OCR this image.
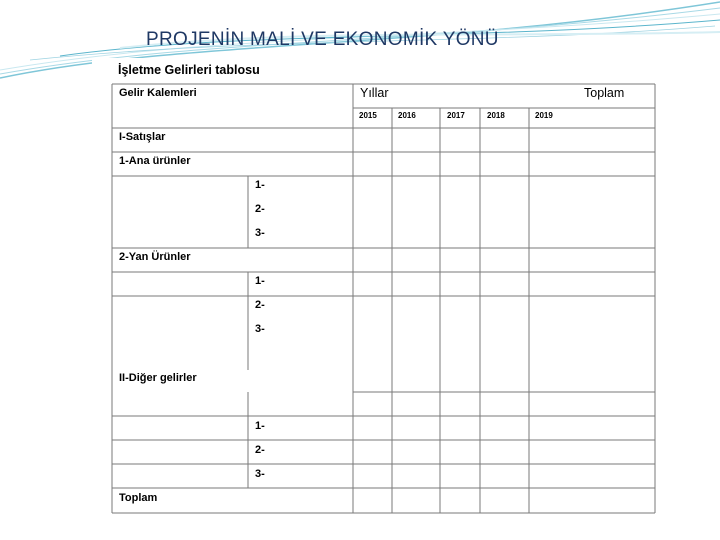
PROJENİN MALİ VE EKONOMİK YÖNÜ
İşletme Gelirleri tablosu
Gelir Kalemleri	Yıllar	Toplam
2015	2016	2017	2018	2019
I-Satışlar
1-Ana ürünler
1-
2-
3-
2-Yan Ürünler
1-
2-
3-
II-Diğer gelirler
1-
2-
3-
Toplam
